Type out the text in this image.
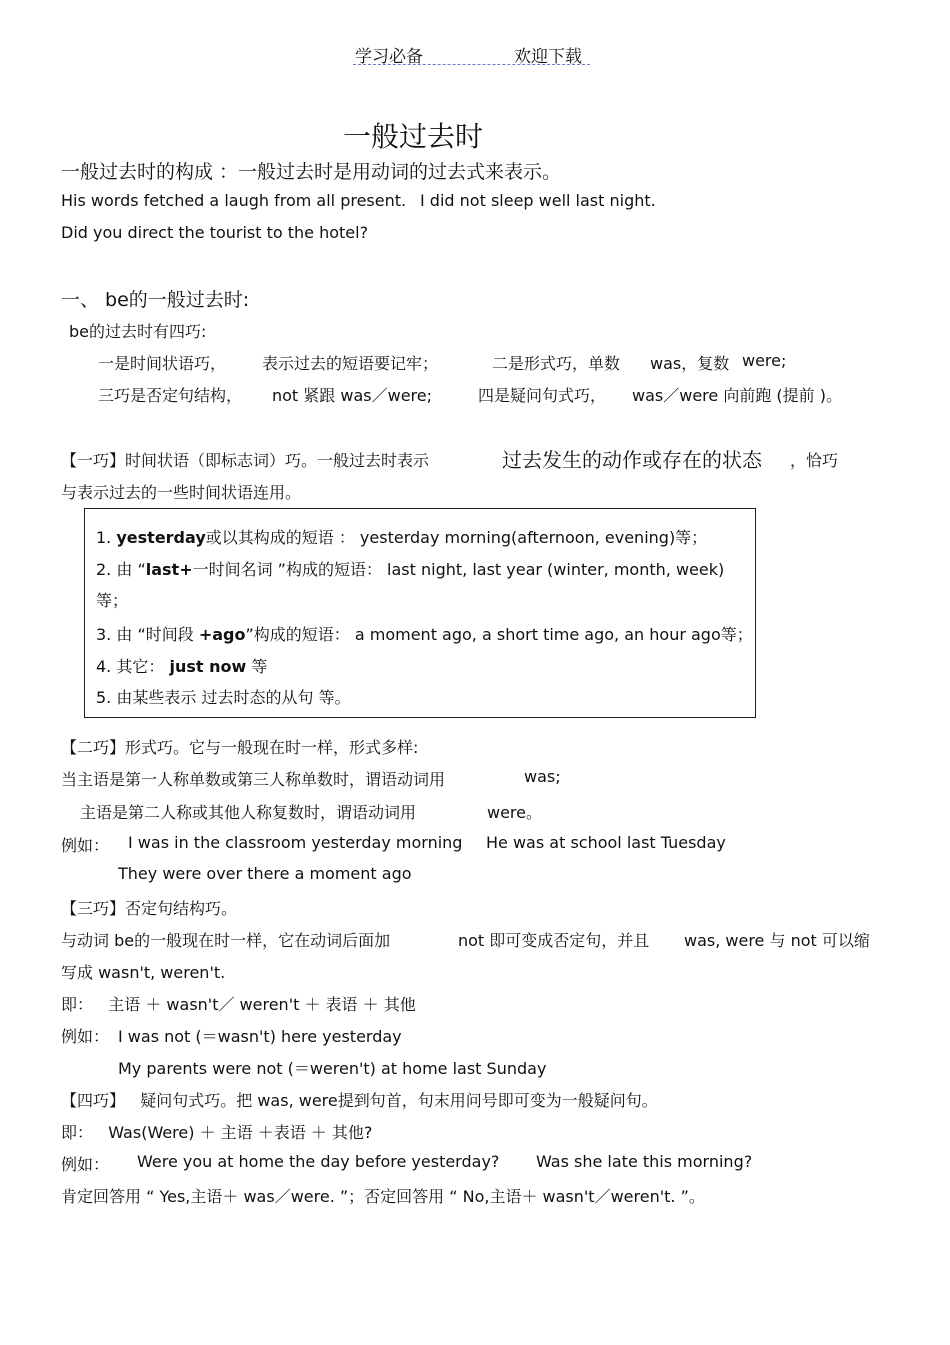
学习必备	欢迎下载
一般过去时
一般过去时的构成 ：一般过去时是用动词的过去式来表示。
His words fetched a laugh from all present. I did not sleep well last night.
Did you direct the tourist to the hotel?
一、 be的一般过去时:
be的过去时有四巧:
一是时间状语巧， 表示过去的短语要记牢；	二是形式巧，单数 was，复数 were;
三巧是否定句结构， not 紧跟 was／were;	四是疑问句式巧， was／were 向前跑 (提前 )。
【一巧】时间状语（即标志词）巧。一般过去时表示	过去发生的动作或存在的状态 ，恰巧
与表示过去的一些时间状语连用。
1. yesterday或以其构成的短语 ： yesterday morning(afternoon, evening)等；
2. 由 “last+一时间名词 ”构成的短语： last night, last year (winter, month, week)
等；
3. 由 “时间段 +ago”构成的短语： a moment ago, a short time ago, an hour ago等；
4. 其它： just now 等
5. 由某些表示 过去时态的从句 等。
【二巧】形式巧。它与一般现在时一样，形式多样:
当主语是第一人称单数或第三人称单数时，谓语动词用	was;
主语是第二人称或其他人称复数时，谓语动词用	were。
例如： I was in the classroom yesterday morning He was at school last Tuesday
They were over there a moment ago
【三巧】否定句结构巧。
与动词 be的一般现在时一样，它在动词后面加	not 即可变成否定句，并且 was, were 与 not 可以缩
写成 wasn't, weren't.
即：   主语 ＋ wasn't／ weren't ＋ 表语 ＋ 其他
例如： I was not (＝wasn't) here yesterday
My parents were not (＝weren't) at home last Sunday
【四巧】   疑问句式巧。把 was, were提到句首，句末用问号即可变为一般疑问句。
即：   Was(Were) ＋ 主语 ＋表语 ＋ 其他?
例如： Were you at home the day before yesterday? Was she late this morning?
肯定回答用 “ Yes,主语＋ was／were. ”；否定回答用 “ No,主语＋ wasn't／weren't. ”。
